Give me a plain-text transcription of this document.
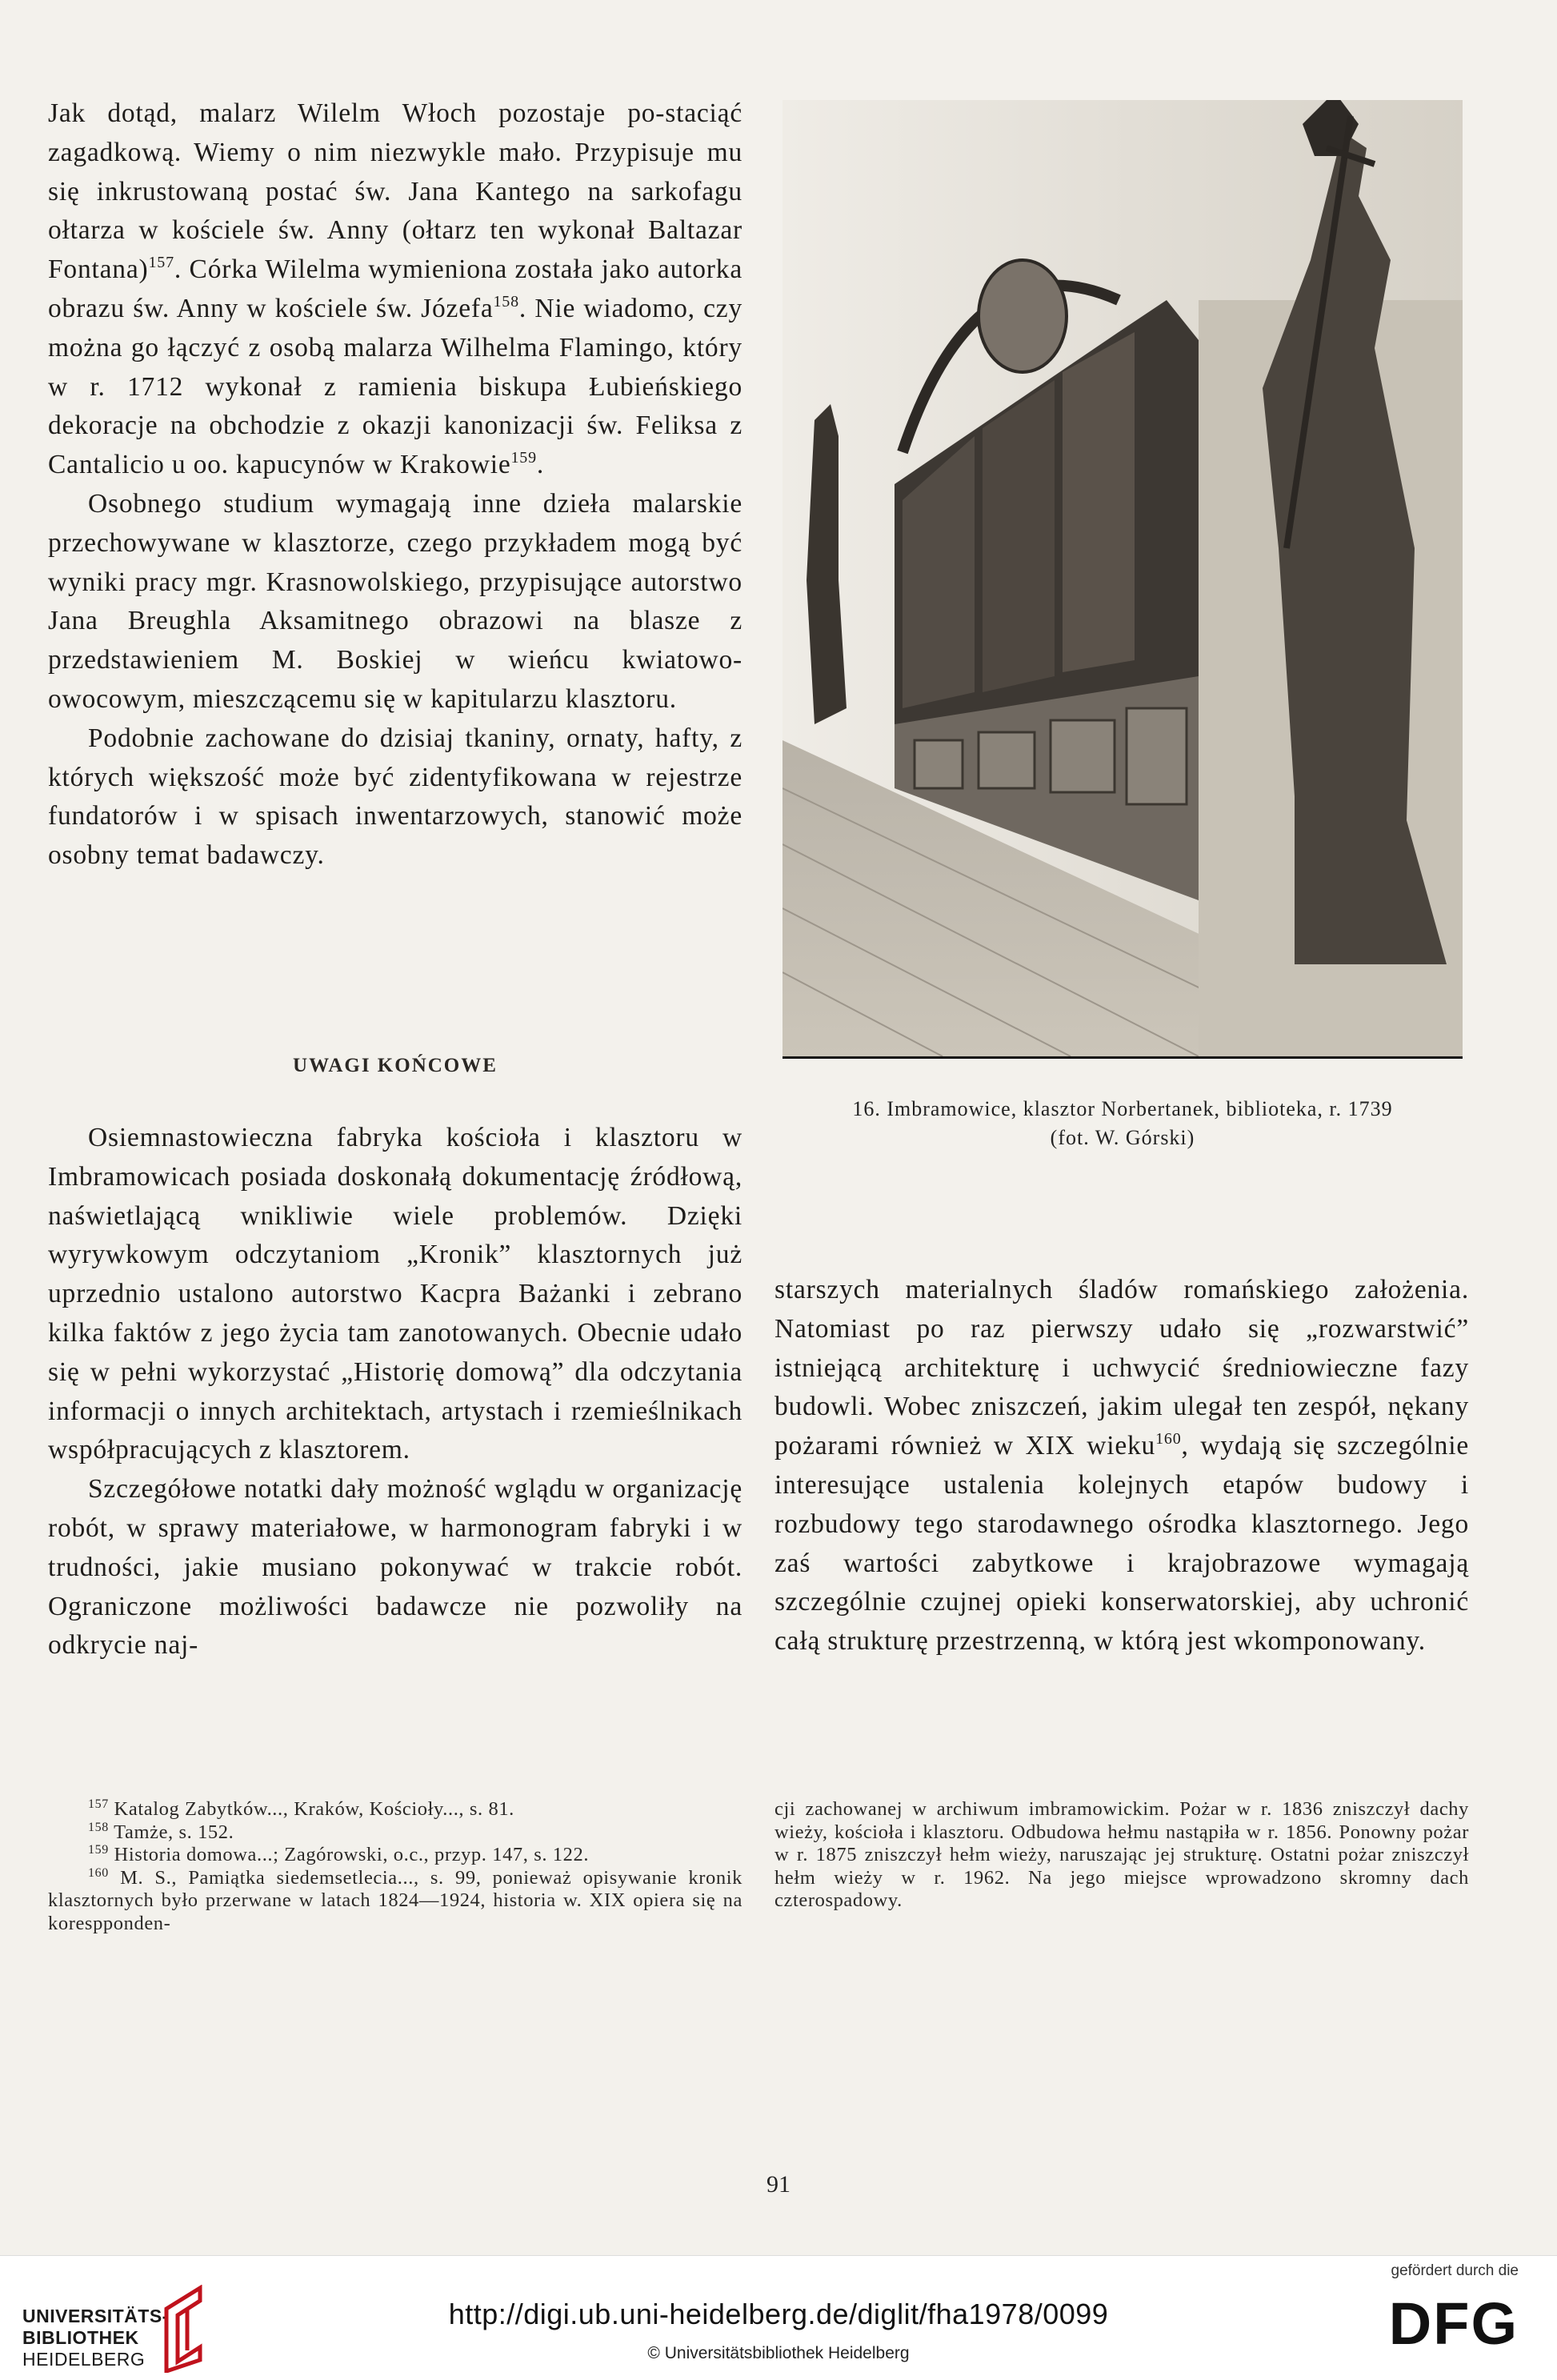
Jak dotąd, malarz Wilelm Włoch pozostaje po-staciąć zagadkową. Wiemy o nim niezwykle mało. Przypisuje mu się inkrustowaną postać św. Jana Kantego na sarkofagu ołtarza w kościele św. Anny (ołtarz ten wykonał Baltazar Fontana)$^{157}$. Córka Wilelma wymieniona została jako autorka obrazu św. Anny w kościele św. Józefa$^{158}$. Nie wiadomo, czy można go łączyć z osobą malarza Wilhelma Flamingo, który w r. 1712 wykonał z ramienia biskupa Łubieńskiego dekoracje na obchodzie z okazji kanonizacji św. Feliksa z Cantalicio u oo. kapucynów w Krakowie$^{159}$.

Osobnego studium wymagają inne dzieła malarskie przechowywane w klasztorze, czego przykładem mogą być wyniki pracy mgr. Krasnowolskiego, przypisujące autorstwo Jana Breughla Aksamitnego obrazowi na blasze z przedstawieniem M. Boskiej w wieńcu kwiatowo-owocowym, mieszczącemu się w kapitularzu klasztoru.

Podobnie zachowane do dzisiaj tkaniny, ornaty, hafty, z których większość może być zidentyfikowana w rejestrze fundatorów i w spisach inwentarzowych, stanowić może osobny temat badawczy.

UWAGI KOŃCOWE

Osiemnastowieczna fabryka kościoła i klasztoru w Imbramowicach posiada doskonałą dokumentację źródłową, naświetlającą wnikliwie wiele problemów. Dzięki wyrywkowym odczytaniom „Kronik” klasztornych już uprzednio ustalono autorstwo Kacpra Bażanki i zebrano kilka faktów z jego życia tam zanotowanych. Obecnie udało się w pełni wykorzystać „Historię domową” dla odczytania informacji o innych architektach, artystach i rzemieślnikach współpracujących z klasztorem.

Szczegółowe notatki dały możność wglądu w organizację robót, w sprawy materiałowe, w harmonogram fabryki i w trudności, jakie musiano pokonywać w trakcie robót. Ograniczone możliwości badawcze nie pozwoliły na odkrycie naj-

16. Imbramowice, klasztor Norbertanek, biblioteka, r. 1739
(fot. W. Górski)

starszych materialnych śladów romańskiego założenia. Natomiast po raz pierwszy udało się „rozwarstwić” istniejącą architekturę i uchwycić średniowieczne fazy budowli. Wobec zniszczeń, jakim ulegał ten zespół, nękany pożarami również w XIX wieku$^{160}$, wydają się szczególnie interesujące ustalenia kolejnych etapów budowy i rozbudowy tego starodawnego ośrodka klasztornego. Jego zaś wartości zabytkowe i krajobrazowe wymagają szczególnie czujnej opieki konserwatorskiej, aby uchronić całą strukturę przestrzenną, w którą jest wkomponowany.

$^{157}$ Katalog Zabytków..., Kraków, Kościoły..., s. 81.

$^{158}$ Tamże, s. 152.

$^{159}$ Historia domowa...; Zagórowski, o.c., przyp. 147, s. 122.

$^{160}$ M. S., Pamiątka siedemsetlecia..., s. 99, ponieważ opisywanie kronik klasztornych było przerwane w latach 1824—1924, historia w. XIX opiera się na korespponden-

cji zachowanej w archiwum imbramowickim. Pożar w r. 1836 zniszczył dachy wieży, kościoła i klasztoru. Odbudowa hełmu nastąpiła w r. 1856. Ponowny pożar w r. 1875 zniszczył hełm wieży, naruszając jej strukturę. Ostatni pożar zniszczył hełm wieży w r. 1962. Na jego miejsce wprowadzono skromny dach czterospadowy.

91
UNIVERSITÄTS-
BIBLIOTHEK
HEIDELBERG
http://digi.ub.uni-heidelberg.de/diglit/fha1978/0099
© Universitätsbibliothek Heidelberg
gefördert durch die
DFG
